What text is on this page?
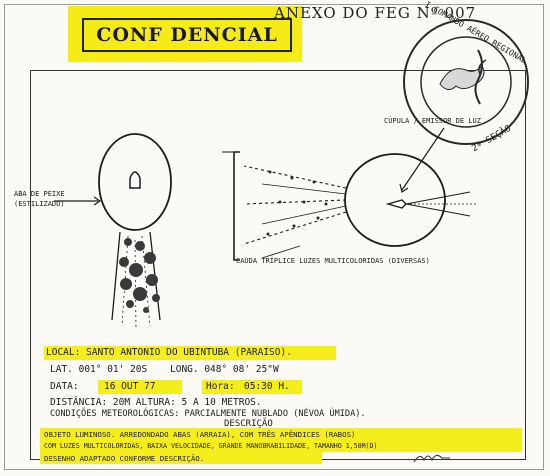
CONF DENCIAL
ANEXO DO FEG Nº 007
I COMANDO AÉREO REGIONAL
2ª SEÇÃO
ABA DE PEIXE
(ESTILIZADO)
CÚPULA / EMISSOR DE LUZ
CAUDA TRÍPLICE LUZES MULTICOLORIDAS (DIVERSAS)
LOCAL: SANTO ANTONIO DO UBINTUBA (PARAISO).
LAT. 001° 01' 20S LONG. 048° 08' 25"W
DATA:	16 OUT 77	Hora: 05:30 H.
DISTÂNCIA: 20M ALTURA: 5 A 10 METROS.
CONDIÇÕES METEOROLÓGICAS: PARCIALMENTE NUBLADO (NÉVOA ÚMIDA).
DESCRIÇÃO
OBJETO LUMINOSO. ARREDONDADO ABAS (ARRAIA), COM TRÊS APÊNDICES (RABOS)
COM LUZES MULTICOLORIDAS, BAIXA VELOCIDADE, GRANDE MANOBRABILIDADE, TAMANHO 1,50M(D)
DESENHO ADAPTADO CONFORME DESCRIÇÃO.
